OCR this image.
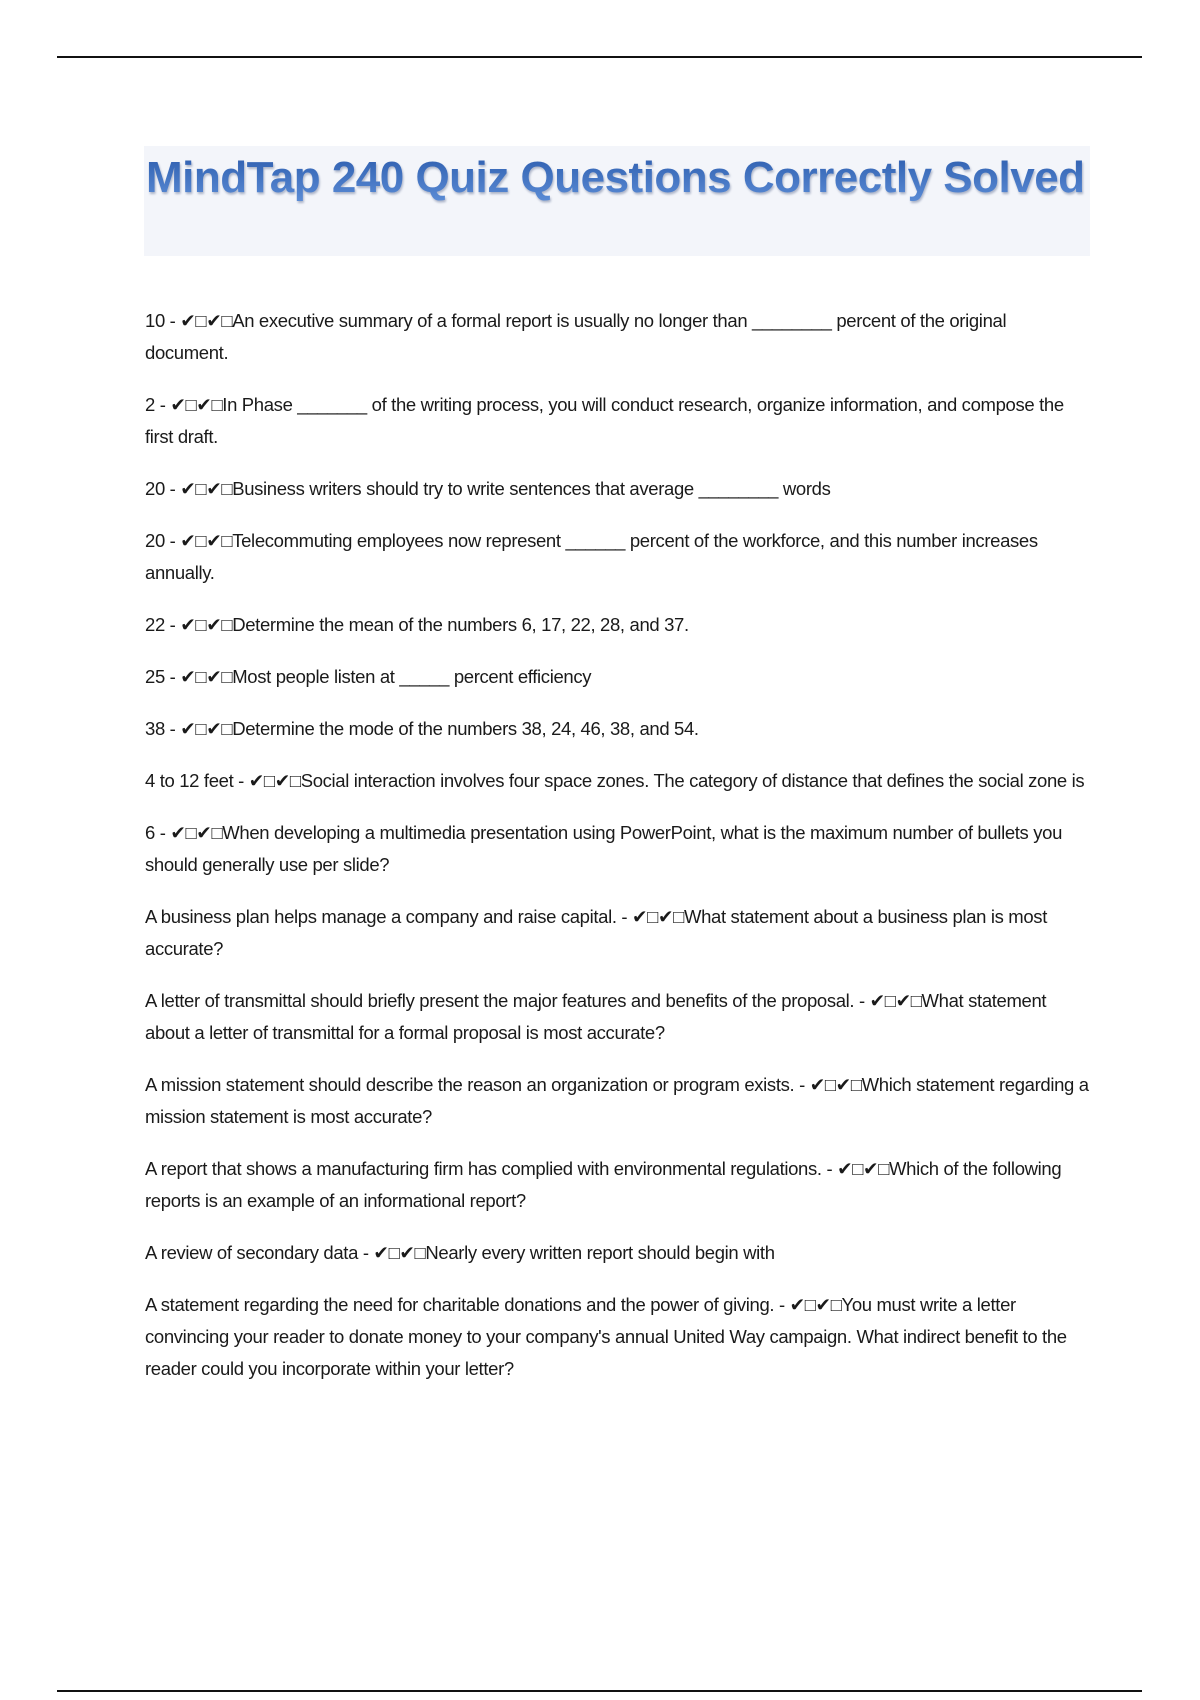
MindTap 240 Quiz Questions Correctly Solved

10 - ✔□✔□An executive summary of a formal report is usually no longer than ________ percent of the original document.

2 - ✔□✔□In Phase _______ of the writing process, you will conduct research, organize information, and compose the first draft.

20 - ✔□✔□Business writers should try to write sentences that average ________ words

20 - ✔□✔□Telecommuting employees now represent ______ percent of the workforce, and this number increases annually.

22 - ✔□✔□Determine the mean of the numbers 6, 17, 22, 28, and 37.

25 - ✔□✔□Most people listen at _____ percent efficiency

38 - ✔□✔□Determine the mode of the numbers 38, 24, 46, 38, and 54.

4 to 12 feet - ✔□✔□Social interaction involves four space zones. The category of distance that defines the social zone is

6 - ✔□✔□When developing a multimedia presentation using PowerPoint, what is the maximum number of bullets you should generally use per slide?

A business plan helps manage a company and raise capital. - ✔□✔□What statement about a business plan is most accurate?

A letter of transmittal should briefly present the major features and benefits of the proposal. - ✔□✔□What statement about a letter of transmittal for a formal proposal is most accurate?

A mission statement should describe the reason an organization or program exists. - ✔□✔□Which statement regarding a mission statement is most accurate?

A report that shows a manufacturing firm has complied with environmental regulations. - ✔□✔□Which of the following reports is an example of an informational report?

A review of secondary data - ✔□✔□Nearly every written report should begin with

A statement regarding the need for charitable donations and the power of giving. - ✔□✔□You must write a letter convincing your reader to donate money to your company's annual United Way campaign. What indirect benefit to the reader could you incorporate within your letter?
